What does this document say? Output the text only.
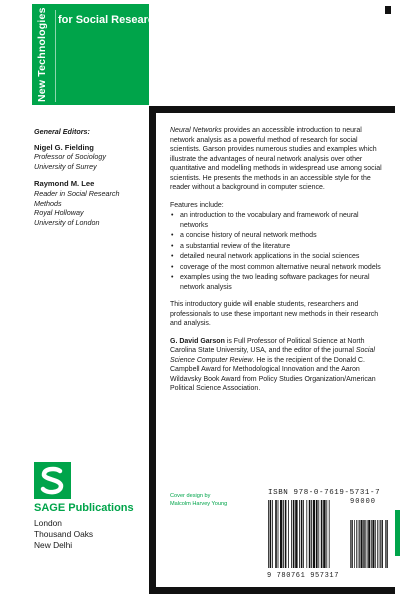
New Technologies for Social Research
General Editors:
Nigel G. Fielding
Professor of Sociology
University of Surrey
Raymond M. Lee
Reader in Social Research Methods
Royal Holloway
University of London

Neural Networks provides an accessible introduction to neural network analysis as a powerful method of research for social scientists. Garson provides numerous studies and examples which illustrate the advantages of neural network analysis over other quantitative and modelling methods in widespread use among social scientists. He presents the methods in an accessible style for the reader without a background in computer science.

Features include:

• an introduction to the vocabulary and framework of neural networks
• a concise history of neural network methods
• a substantial review of the literature
• detailed neural network applications in the social sciences
• coverage of the most common alternative neural network models
• examples using the two leading software packages for neural network analysis

This introductory guide will enable students, researchers and professionals to use these important new methods in their research and analysis.

G. David Garson is Full Professor of Political Science at North Carolina State University, USA, and the editor of the journal Social Science Computer Review. He is the recipient of the Donald C. Campbell Award for Methodological Innovation and the Aaron Wildavsky Book Award from Policy Studies Organization/American Political Science Association.

Cover design by
Malcolm Harvey Young
SAGE Publications
London
Thousand Oaks
New Delhi
ISBN 978-0-7619-5731-7
9 780761 957317
90000
